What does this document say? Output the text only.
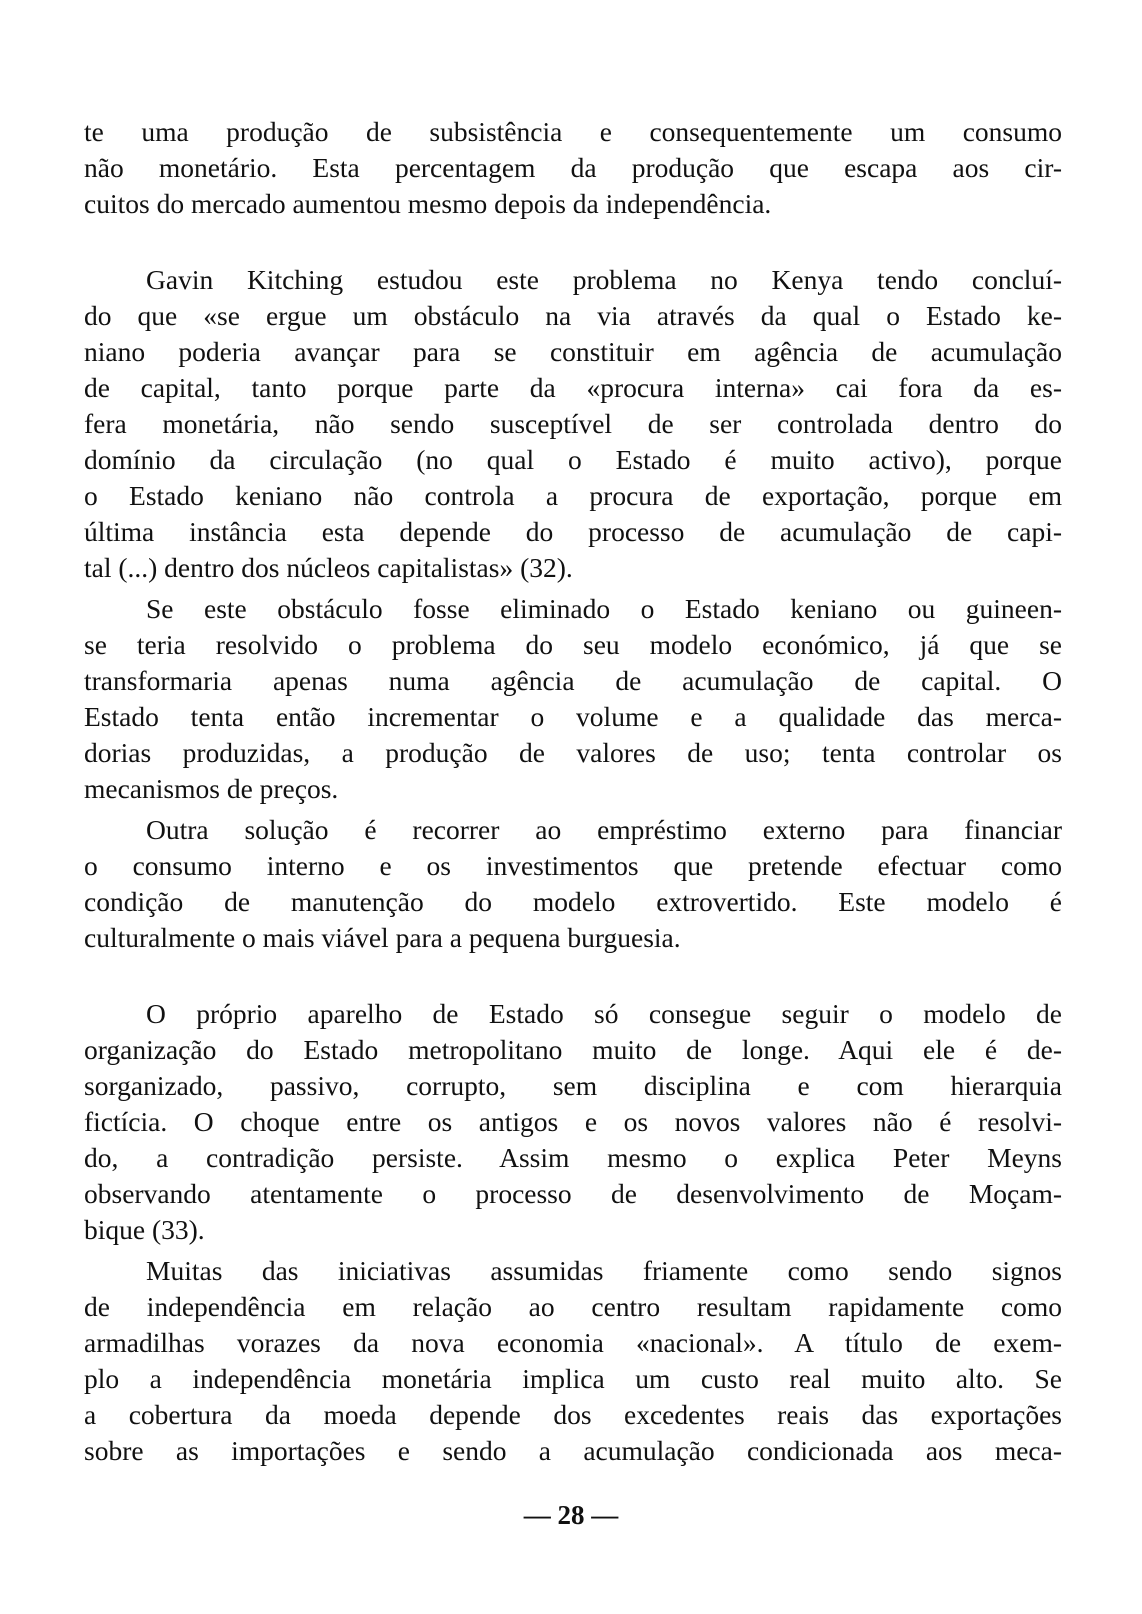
te uma produção de subsistência e consequentemente um consumo
não monetário. Esta percentagem da produção que escapa aos cir-
cuitos do mercado aumentou mesmo depois da independência.
Gavin Kitching estudou este problema no Kenya tendo concluí-
do que «se ergue um obstáculo na via através da qual o Estado ke-
niano poderia avançar para se constituir em agência de acumulação
de capital, tanto porque parte da «procura interna» cai fora da es-
fera monetária, não sendo susceptível de ser controlada dentro do
domínio da circulação (no qual o Estado é muito activo), porque
o Estado keniano não controla a procura de exportação, porque em
última instância esta depende do processo de acumulação de capi-
tal (...) dentro dos núcleos capitalistas» (32).
Se este obstáculo fosse eliminado o Estado keniano ou guineen-
se teria resolvido o problema do seu modelo económico, já que se
transformaria apenas numa agência de acumulação de capital. O
Estado tenta então incrementar o volume e a qualidade das merca-
dorias produzidas, a produção de valores de uso; tenta controlar os
mecanismos de preços.
Outra solução é recorrer ao empréstimo externo para financiar
o consumo interno e os investimentos que pretende efectuar como
condição de manutenção do modelo extrovertido. Este modelo é
culturalmente o mais viável para a pequena burguesia.
O próprio aparelho de Estado só consegue seguir o modelo de
organização do Estado metropolitano muito de longe. Aqui ele é de-
sorganizado, passivo, corrupto, sem disciplina e com hierarquia
fictícia. O choque entre os antigos e os novos valores não é resolvi-
do, a contradição persiste. Assim mesmo o explica Peter Meyns
observando atentamente o processo de desenvolvimento de Moçam-
bique (33).
Muitas das iniciativas assumidas friamente como sendo signos
de independência em relação ao centro resultam rapidamente como
armadilhas vorazes da nova economia «nacional». A título de exem-
plo a independência monetária implica um custo real muito alto. Se
a cobertura da moeda depende dos excedentes reais das exportações
sobre as importações e sendo a acumulação condicionada aos meca-
— 28 —
